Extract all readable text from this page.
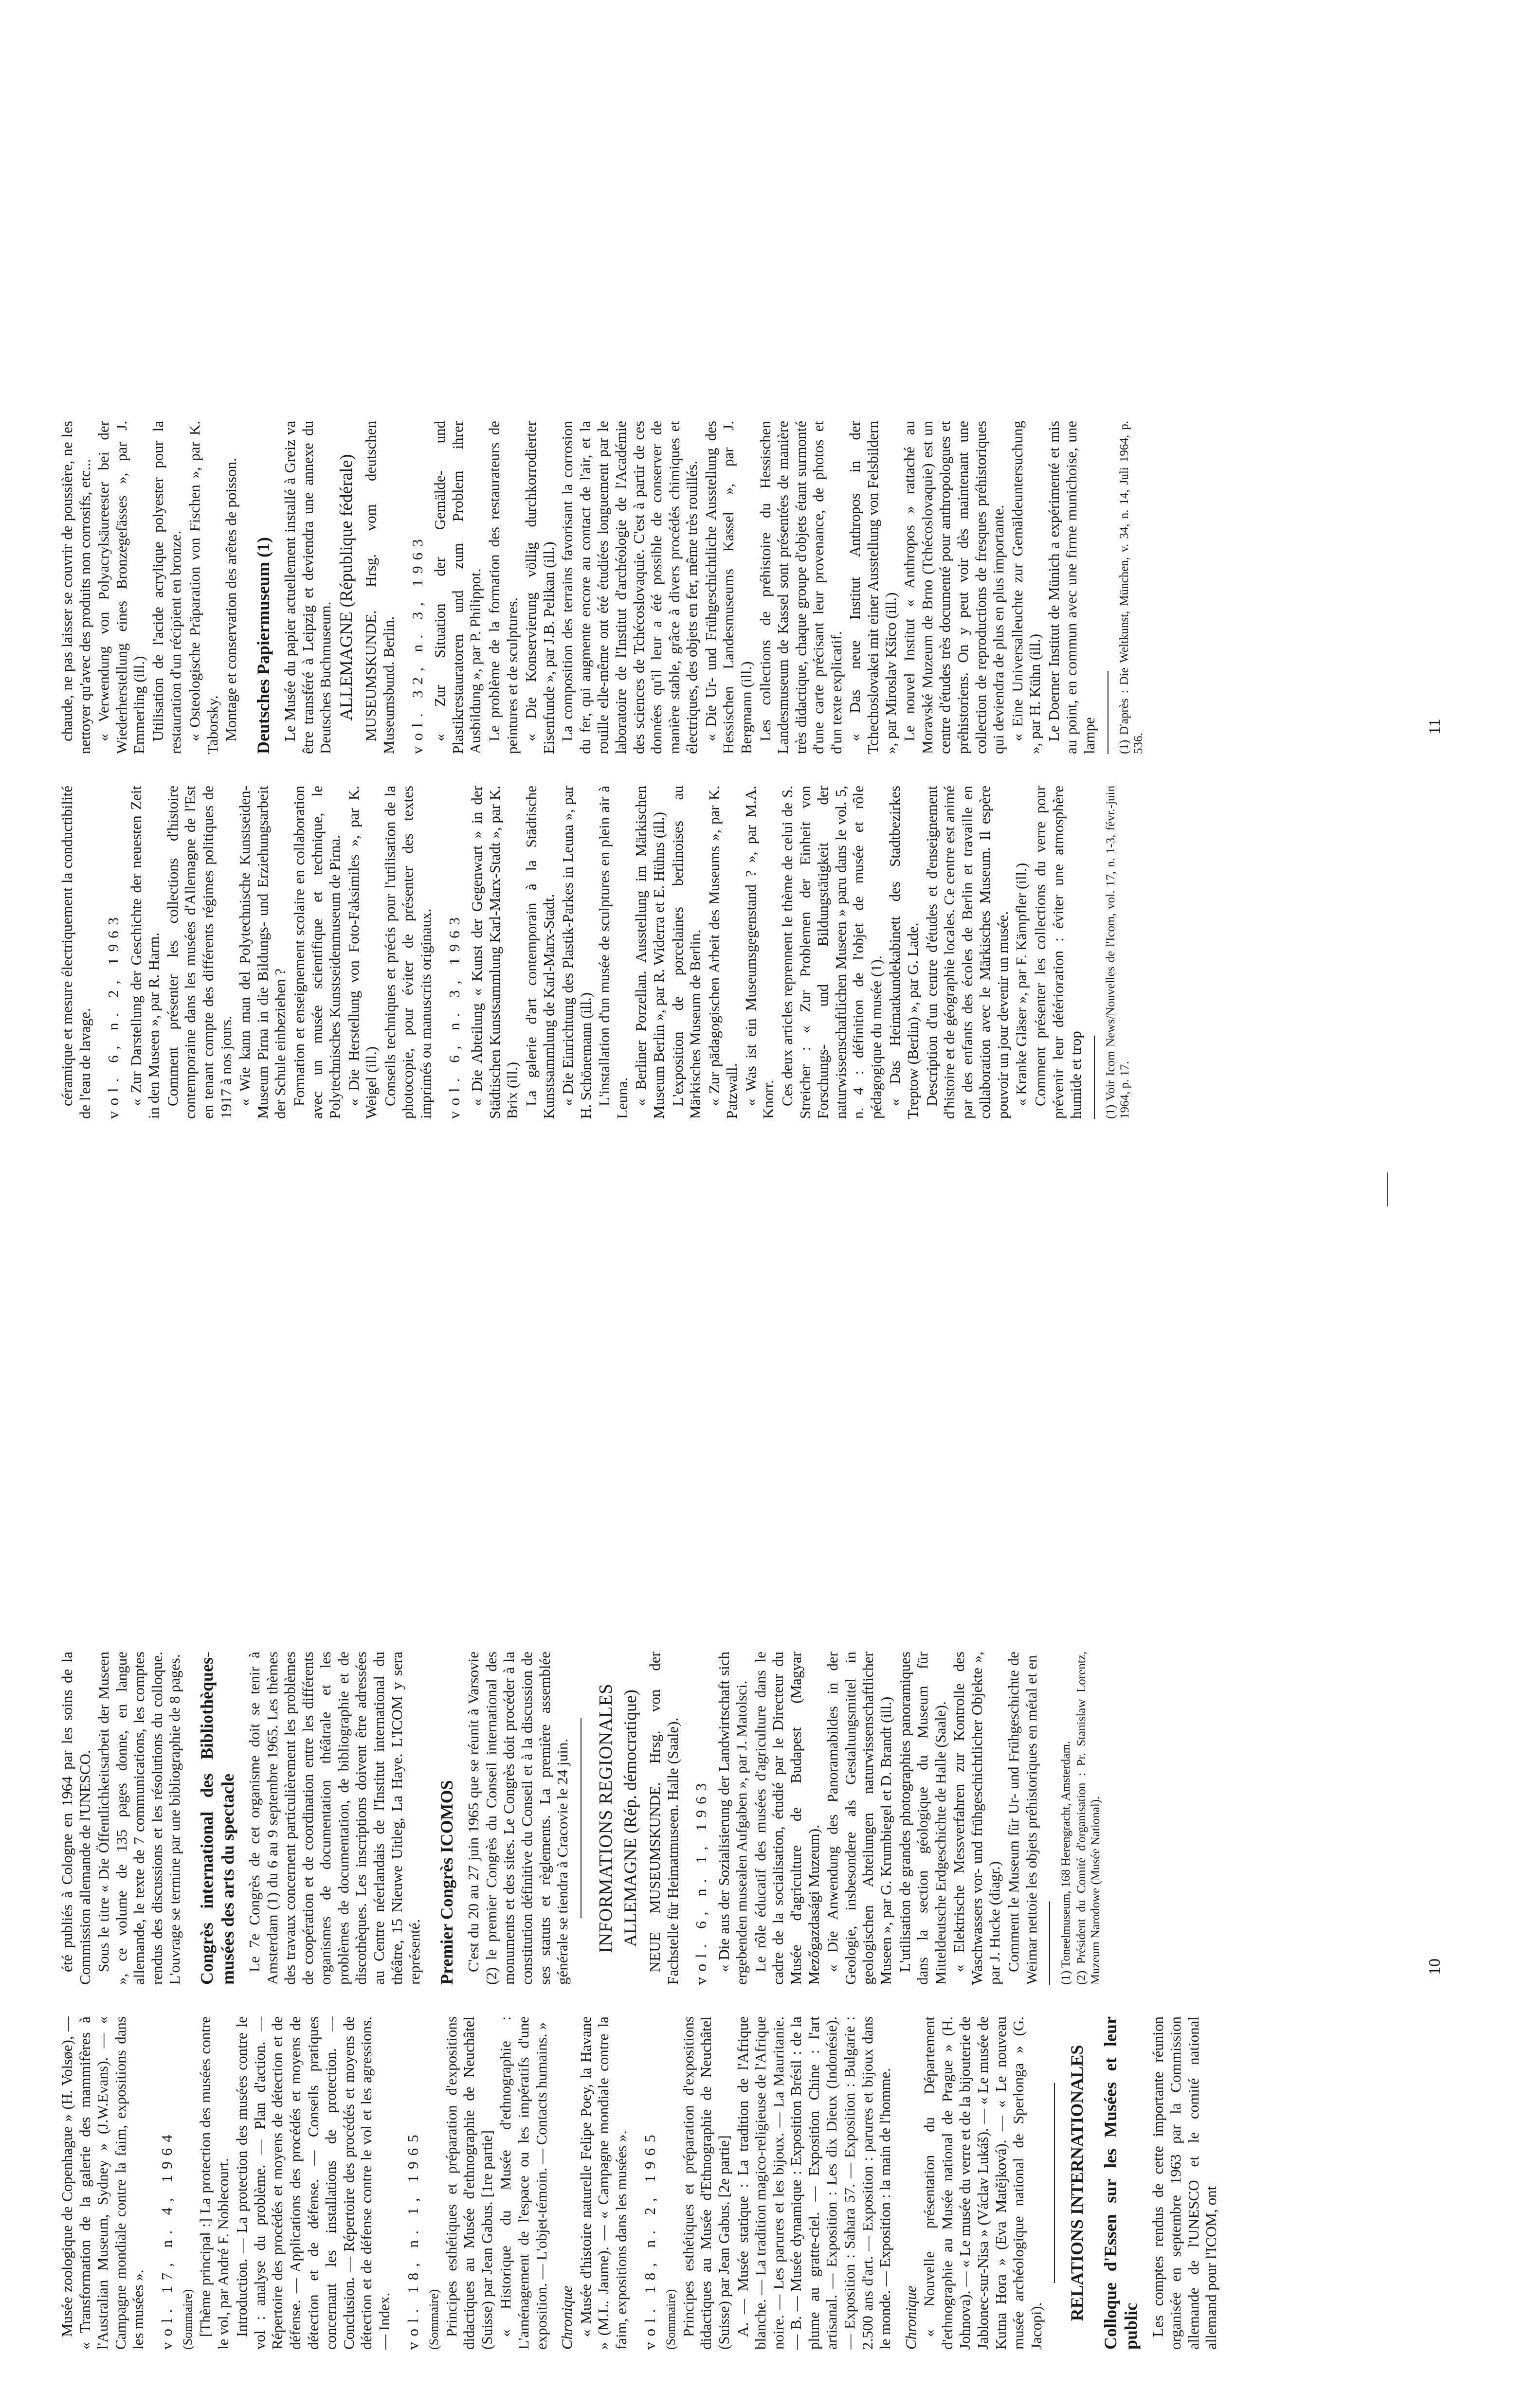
Musée zoologique de Copenhague » (H. Volsøe), — « Transformation de la galerie des mammifères à l'Australian Museum, Sydney » (J.W.Evans). — « Campagne mondiale contre la faim, expositions dans les musées ». vol. 17, n. 4, 1964 (Sommaire) [Thème principal :] La protection des musées contre le vol, par André F. Noblecourt. Introduction. — La protection des musées contre le vol : analyse du problème. — Plan d'action. — Répertoire des procédés et moyens de détection et de défense. — Applications des procédés et moyens de détection et de défense. — Conseils pratiques concernant les installations de protection. — Conclusion. — Répertoire des procédés et moyens de détection et de défense contre le vol et les agressions. — Index. vol. 18, n. 1, 1965 (Sommaire) Principes esthétiques et préparation d'expositions didactiques au Musée d'ethnographie de Neuchâtel (Suisse) par Jean Gabus. [1re partie] « Historique du Musée d'ethnographie : L'aménagement de l'espace ou les impératifs d'une exposition. — L'objet-témoin. — Contacts humains. » Chronique « Musée d'histoire naturelle Felipe Poey, la Havane » (M.L. Jaume). — « Campagne mondiale contre la faim, expositions dans les musées ». vol. 18, n. 2, 1965 (Sommaire) Principes esthétiques et préparation d'expositions didactiques au Musée d'Ethnographie de Neuchâtel (Suisse) par Jean Gabus. [2e partie] A. — Musée statique : La tradition de l'Afrique blanche. — La tradition magico-religieuse de l'Afrique noire. — Les parures et les bijoux. — La Mauritanie. — B. — Musée dynamique : Exposition Brésil : de la plume au gratte-ciel. — Exposition Chine : l'art artisanal. — Exposition : Les dix Dieux (Indonésie). — Exposition : Sahara 57. — Exposition : Bulgarie : 2.500 ans d'art. — Exposition : parures et bijoux dans le monde. — Exposition : la main de l'homme. Chronique « Nouvelle présentation du Département d'ethnographie au Musée national de Prague » (H. Johnova). — « Le musée du verre et de la bijouterie de Jablonec-sur-Nisa » (Václav Lukáš). — « Le musée de Kutna Hora » (Eva Matějková). — « Le nouveau musée archéologique national de Sperlonga » (G. Jacopi).

RELATIONS INTERNATIONALES Colloque d'Essen sur les Musées et leur public Les comptes rendus de cette importante réunion organisée en septembre 1963 par la Commission allemande de l'UNESCO et le comité national allemand pour l'ICOM, ont

été publiés à Cologne en 1964 par les soins de la Commission allemande de l'UNESCO. Sous le titre « Die Öffentlichkeitsarbeit der Museen », ce volume de 135 pages donne, en langue allemande, le texte de 7 communications, les comptes rendus des discussions et les résolutions du colloque. L'ouvrage se termine par une bibliographie de 8 pages. Congrès international des Bibliothèques-musées des arts du spectacle Le 7e Congrès de cet organisme doit se tenir à Amsterdam (1) du 6 au 9 septembre 1965. Les thèmes des travaux concernent particulièrement les problèmes de coopération et de coordination entre les différents organismes de documentation théâtrale et les problèmes de documentation, de bibliographie et de discothèques. Les inscriptions doivent être adressées au Centre néerlandais de l'Institut international du théâtre, 15 Nieuwe Uitleg, La Haye. L'ICOM y sera représenté. Premier Congrès ICOMOS C'est du 20 au 27 juin 1965 que se réunit à Varsovie (2) le premier Congrès du Conseil international des monuments et des sites. Le Congrès doit procéder à la constitution définitive du Conseil et à la discussion de ses statuts et règlements. La première assemblée générale se tiendra à Cracovie le 24 juin. INFORMATIONS REGIONALES ALLEMAGNE (Rép. démocratique) NEUE MUSEUMSKUNDE. Hrsg. von der Fachstelle für Heimatmuseen. Halle (Saale). vol. 6, n. 1, 1963 « Die aus der Sozialisierung der Landwirtschaft sich ergebenden musealen Aufgaben », par J. Matolsci. Le rôle éducatif des musées d'agriculture dans le cadre de la socialisation, étudié par le Directeur du Musée d'agriculture de Budapest (Magyar Mezőgazdasági Muzeum). « Die Anwendung des Panoramabildes in der Geologie, insbesondere als Gestaltungsmittel in geologischen Abteilungen naturwissenschaftlicher Museen », par G. Krumbiegel et D. Brandt (ill.) L'utilisation de grandes photographies panoramiques dans la section géologique du Museum für Mitteldeutsche Erdgeschichte de Halle (Saale). « Elektrische Messverfahren zur Kontrolle des Waschwassers vor- und frühgeschichtlicher Objekte », par J. Hucke (diagr.) Comment le Museum für Ur- und Frühgeschichte de Weimar nettoie les objets préhistoriques en métal et en (1) Toneelmuseum, 168 Herengracht, Amsterdam. (2) Président du Comité d'organisation : Pr. Stanislaw Lorentz, Muzeum Narodowe (Musée National).

céramique et mesure électriquement la conductibilité de l'eau de lavage. vol. 6, n. 2, 1963 « Zur Darstellung der Geschichte der neuesten Zeit in den Museen », par R. Harm. Comment présenter les collections d'histoire contemporaine dans les musées d'Allemagne de l'Est en tenant compte des différents régimes politiques de 1917 à nos jours. « Wie kann man del Polytechnische Kunstseiden-Museum Pirna in die Bildungs- und Erziehungsarbeit der Schule einbeziehen ? Formation et enseignement scolaire en collaboration avec un musée scientifique et technique, le Polytechnisches Kunstseidenmuseum de Pirna. « Die Herstellung von Foto-Faksimiles », par K. Weigel (ill.) Conseils techniques et précis pour l'utilisation de la photocopie, pour éviter de présenter des textes imprimés ou manuscrits originaux. vol. 6, n. 3, 1963 « Die Abteilung « Kunst der Gegenwart » in der Städtischen Kunstsammlung Karl-Marx-Stadt », par K. Brix (ill.) La galerie d'art contemporain à la Städtische Kunstsammlung de Karl-Marx-Stadt. « Die Einrichtung des Plastik-Parkes in Leuna », par H. Schönemann (ill.) L'installation d'un musée de sculptures en plein air à Leuna. « Berliner Porzellan. Ausstellung im Märkischen Museum Berlin », par R. Widerra et E. Hühns (ill.) L'exposition de porcelaines berlinoises au Märkisches Museum de Berlin. « Zur pädagogischen Arbeit des Museums », par K. Patzwall. « Was ist ein Museumsgegenstand ? », par M.A. Knorr. Ces deux articles reprennent le thème de celui de S. Streicher : « Zur Problemen der Einheit von Forschungs- und Bildungstätigkeit der naturwissenschaftlichen Museen » paru dans le vol. 5, n. 4 : définition de l'objet de musée et rôle pédagogique du musée (1). « Das Heimatkundekabinett des Stadtbezirkes Treptow (Berlin) », par G. Lade. Description d'un centre d'études et d'enseignement d'histoire et de géographie locales. Ce centre est animé par des enfants des écoles de Berlin et travaille en collaboration avec le Märkisches Museum. Il espère pouvoir un jour devenir un musée. « Kranke Gläser », par F. Kämpfler (ill.) Comment présenter les collections du verre pour prévenir leur détérioration : éviter une atmosphère humide et trop (1) Voir Icom News/Nouvelles de l'Icom, vol. 17, n. 1-3, févr.-juin 1964, p. 17.

chaude, ne pas laisser se couvrir de poussière, ne les nettoyer qu'avec des produits non corrosifs, etc... « Verwendung von Polyacrylsäureester bei der Wiederherstellung eines Bronzegefässes », par J. Emmerling (ill.) Utilisation de l'acide acrylique polyester pour la restauration d'un récipient en bronze. « Osteologische Präparation von Fischen », par K. Taborsky. Montage et conservation des arêtes de poisson. Deutsches Papiermuseum (1) Le Musée du papier actuellement installé à Greiz va être transféré à Leipzig et deviendra une annexe du Deutsches Buchmuseum. ALLEMAGNE (République fédérale) MUSEUMSKUNDE. Hrsg. vom deutschen Museumsbund. Berlin. vol. 32, n. 3, 1963 « Zur Situation der Gemälde- und Plastikrestauratoren und zum Problem ihrer Ausbildung », par P. Philippot. Le problème de la formation des restaurateurs de peintures et de sculptures. « Die Konservierung völlig durchkorrodierter Eisenfunde », par J.B. Pelikan (ill.) La composition des terrains favorisant la corrosion du fer, qui augmente encore au contact de l'air, et la rouille elle-même ont été étudiées longuement par le laboratoire de l'Institut d'archéologie de l'Académie des sciences de Tchécoslovaquie. C'est à partir de ces données qu'il leur a été possible de conserver de manière stable, grâce à divers procédés chimiques et électriques, des objets en fer, même très rouillés. « Die Ur- und Frühgeschichtliche Ausstellung des Hessischen Landesmuseums Kassel », par J. Bergmann (ill.) Les collections de préhistoire du Hessischen Landesmuseum de Kassel sont présentées de manière très didactique, chaque groupe d'objets étant surmonté d'une carte précisant leur provenance, de photos et d'un texte explicatif. « Das neue Institut Anthropos in der Tchechoslovakei mit einer Ausstellung von Felsbildern », par Miroslav Kšico (ill.) Le nouvel Institut « Anthropos » rattaché au Moravské Muzeum de Brno (Tchécoslovaquie) est un centre d'études très documenté pour anthropologues et préhistoriens. On y peut voir dès maintenant une collection de reproductions de fresques préhistoriques qui deviendra de plus en plus importante. « Eine Universalleuchte zur Gemäldeuntersuchung », par H. Kühn (ill.) Le Doerner Institut de Münich a expérimenté et mis au point, en commun avec une firme munichoise, une lampe (1) D'après : Die Weltkunst, München, v. 34, n. 14, Juli 1964, p. 536.

10
11
